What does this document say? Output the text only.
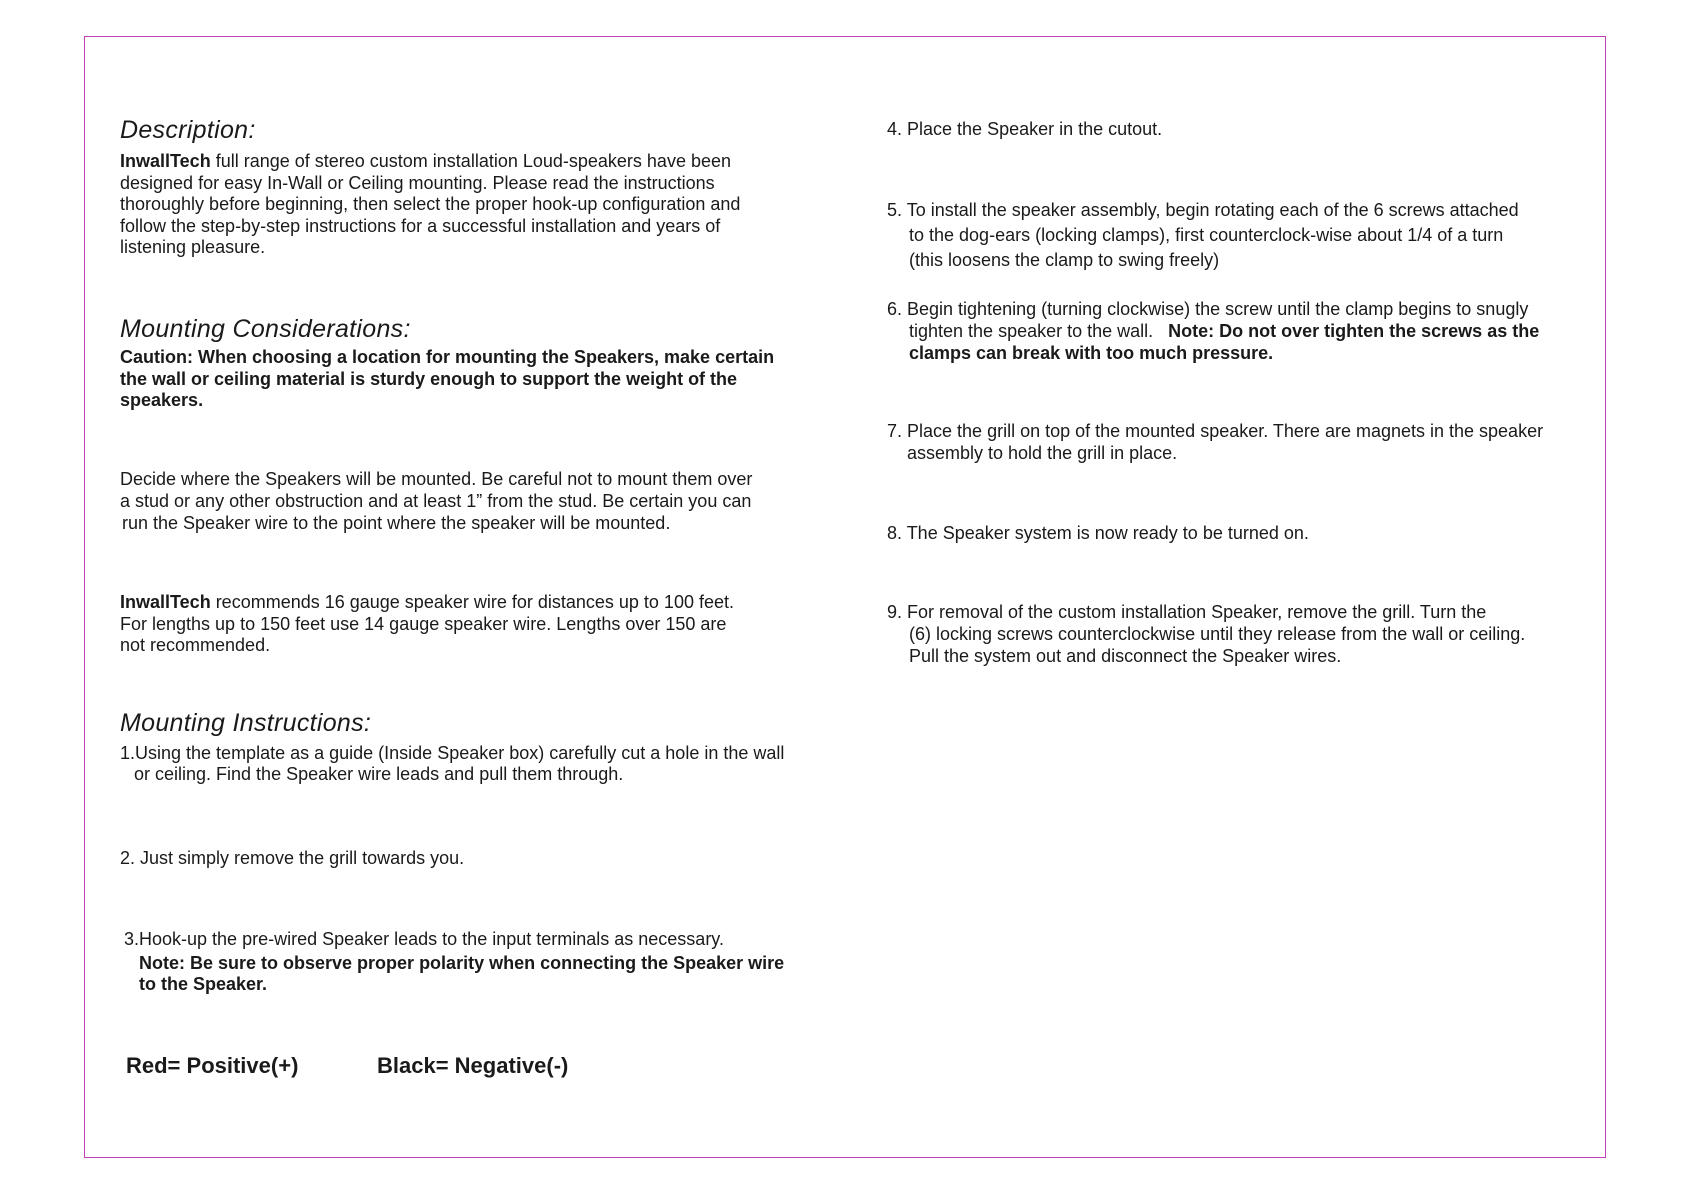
Description:
InwallTech full range of stereo custom installation Loud-speakers have been
designed for easy In-Wall or Ceiling mounting. Please read the instructions
thoroughly before beginning, then select the proper hook-up configuration and
follow the step-by-step instructions for a successful installation and years of
listening pleasure.
Mounting Considerations:
Caution: When choosing a location for mounting the Speakers, make certain
the wall or ceiling material is sturdy enough to support the weight of the
speakers.
Decide where the Speakers will be mounted. Be careful not to mount them over
a stud or any other obstruction and at least 1” from the stud. Be certain you can
run the Speaker wire to the point where the speaker will be mounted.
InwallTech recommends 16 gauge speaker wire for distances up to 100 feet.
For lengths up to 150 feet use 14 gauge speaker wire. Lengths over 150 are
not recommended.
Mounting Instructions:
1.Using the template as a guide (Inside Speaker box) carefully cut a hole in the wall
or ceiling. Find the Speaker wire leads and pull them through.
2. Just simply remove the grill towards you.
3.Hook-up the pre-wired Speaker leads to the input terminals as necessary.
Note: Be sure to observe proper polarity when connecting the Speaker wire
to the Speaker.
Red= Positive(+)	Black= Negative(-)
4. Place the Speaker in the cutout.
5. To install the speaker assembly, begin rotating each of the 6 screws attached
to the dog-ears (locking clamps), first counterclock-wise about 1/4 of a turn
(this loosens the clamp to swing freely)
6. Begin tightening (turning clockwise) the screw until the clamp begins to snugly
tighten the speaker to the wall.   Note: Do not over tighten the screws as the
clamps can break with too much pressure.
7. Place the grill on top of the mounted speaker. There are magnets in the speaker
assembly to hold the grill in place.
8. The Speaker system is now ready to be turned on.
9. For removal of the custom installation Speaker, remove the grill. Turn the
(6) locking screws counterclockwise until they release from the wall or ceiling.
Pull the system out and disconnect the Speaker wires.
